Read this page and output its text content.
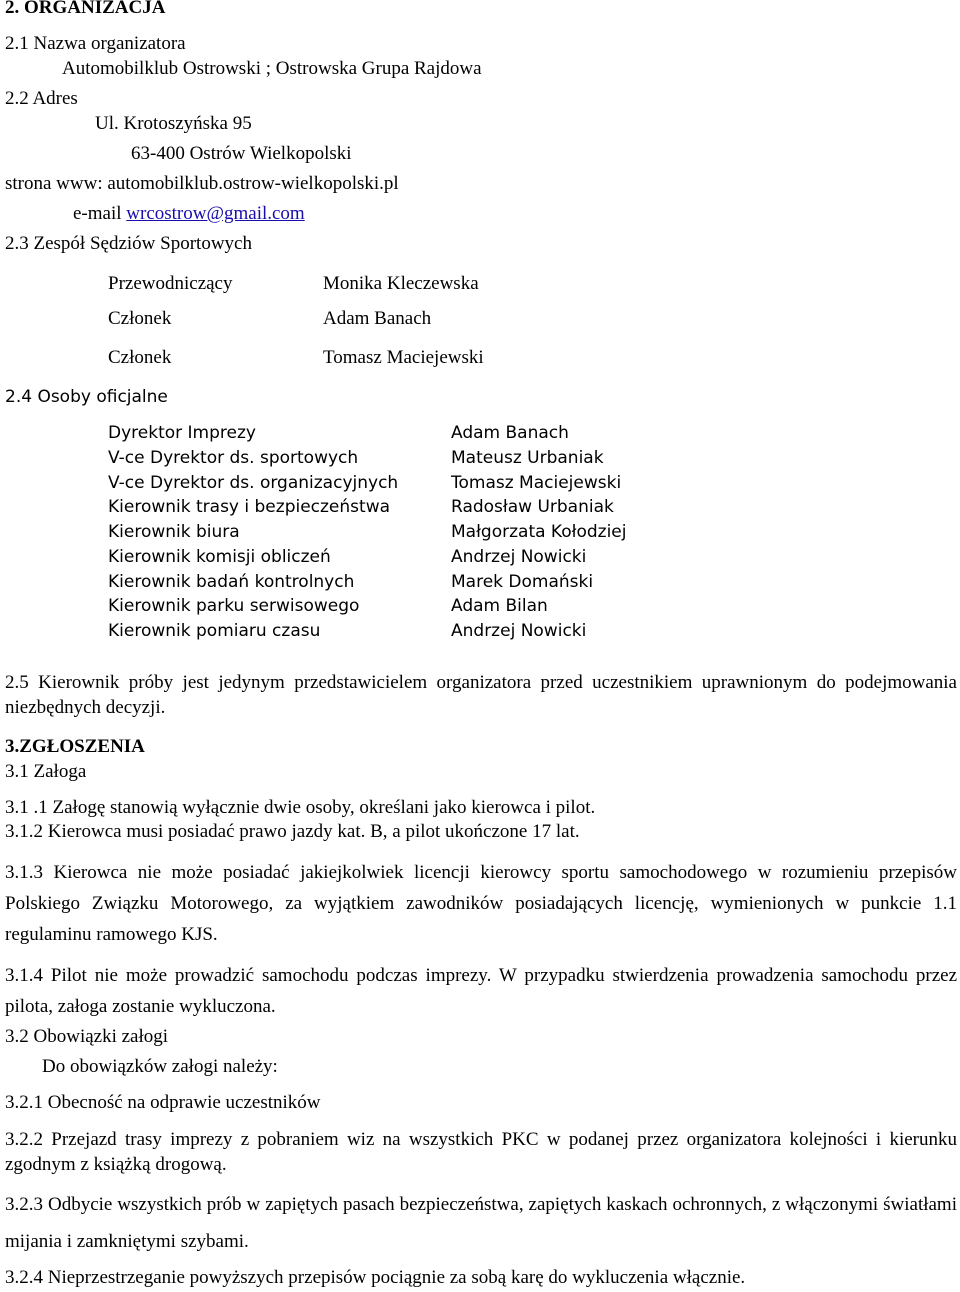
2. ORGANIZACJA
2.1 Nazwa organizatora
Automobilklub Ostrowski ; Ostrowska Grupa Rajdowa
2.2 Adres
Ul. Krotoszyńska 95
63-400 Ostrów Wielkopolski
strona www: automobilklub.ostrow-wielkopolski.pl
e-mail wrcostrow@gmail.com
2.3 Zespół Sędziów Sportowych
Przewodniczący	Monika Kleczewska
Członek	Adam Banach
Członek	Tomasz Maciejewski
2.4 Osoby oficjalne
Dyrektor Imprezy	Adam Banach
V-ce Dyrektor ds. sportowych	Mateusz Urbaniak
V-ce Dyrektor ds. organizacyjnych	Tomasz Maciejewski
Kierownik trasy i bezpieczeństwa	Radosław Urbaniak
Kierownik biura	Małgorzata Kołodziej
Kierownik komisji obliczeń	Andrzej Nowicki
Kierownik badań kontrolnych	Marek Domański
Kierownik parku serwisowego	Adam Bilan
Kierownik pomiaru czasu	Andrzej Nowicki
2.5 Kierownik próby jest jedynym przedstawicielem organizatora przed uczestnikiem uprawnionym do podejmowania niezbędnych decyzji.
3.ZGŁOSZENIA
3.1 Załoga
3.1 .1 Załogę stanowią wyłącznie dwie osoby, określani jako kierowca i pilot.
3.1.2 Kierowca musi posiadać prawo jazdy kat. B, a pilot ukończone 17 lat.
3.1.3 Kierowca nie może posiadać jakiejkolwiek licencji kierowcy sportu samochodowego w rozumieniu przepisów Polskiego Związku Motorowego, za wyjątkiem zawodników posiadających licencję, wymienionych w punkcie 1.1 regulaminu ramowego KJS.
3.1.4 Pilot nie może prowadzić samochodu podczas imprezy. W przypadku stwierdzenia prowadzenia samochodu przez pilota, załoga zostanie wykluczona.
3.2 Obowiązki załogi
Do obowiązków załogi należy:
3.2.1 Obecność na odprawie uczestników
3.2.2 Przejazd trasy imprezy z pobraniem wiz na wszystkich PKC w podanej przez organizatora kolejności i kierunku zgodnym z książką drogową.
3.2.3 Odbycie wszystkich prób w zapiętych pasach bezpieczeństwa, zapiętych kaskach ochronnych, z włączonymi światłami mijania i zamkniętymi szybami.
3.2.4 Nieprzestrzeganie powyższych przepisów pociągnie za sobą karę do wykluczenia włącznie.
